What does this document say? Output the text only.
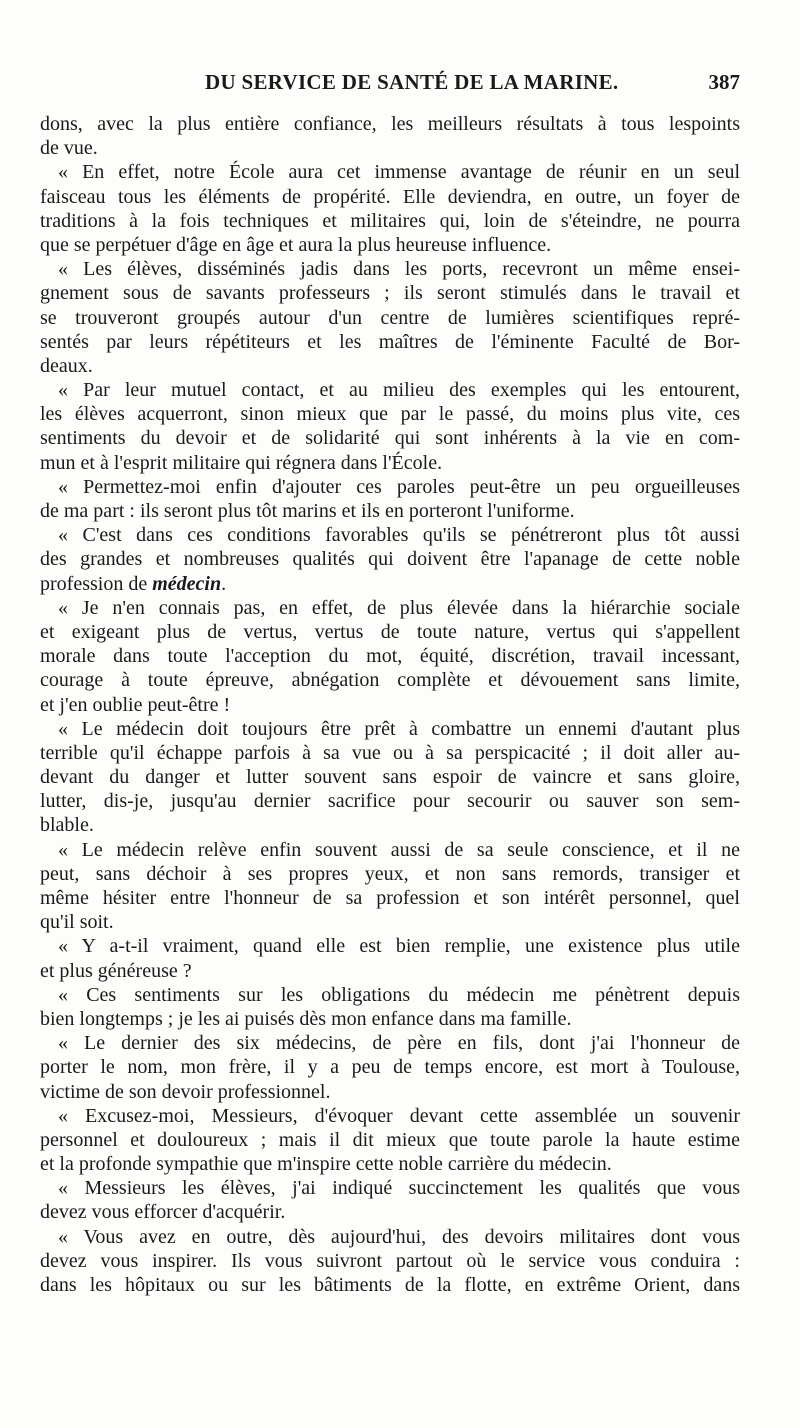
DU SERVICE DE SANTÉ DE LA MARINE.	387
dons, avec la plus entière confiance, les meilleurs résultats à tous lespoints
de vue.
« En effet, notre École aura cet immense avantage de réunir en un seul
faisceau tous les éléments de propérité. Elle deviendra, en outre, un foyer de
traditions à la fois techniques et militaires qui, loin de s'éteindre, ne pourra
que se perpétuer d'âge en âge et aura la plus heureuse influence.
« Les élèves, disséminés jadis dans les ports, recevront un même ensei-
gnement sous de savants professeurs ; ils seront stimulés dans le travail et
se trouveront groupés autour d'un centre de lumières scientifiques repré-
sentés par leurs répétiteurs et les maîtres de l'éminente Faculté de Bor-
deaux.
« Par leur mutuel contact, et au milieu des exemples qui les entourent,
les élèves acquerront, sinon mieux que par le passé, du moins plus vite, ces
sentiments du devoir et de solidarité qui sont inhérents à la vie en com-
mun et à l'esprit militaire qui régnera dans l'École.
« Permettez-moi enfin d'ajouter ces paroles peut-être un peu orgueilleuses
de ma part : ils seront plus tôt marins et ils en porteront l'uniforme.
« C'est dans ces conditions favorables qu'ils se pénétreront plus tôt aussi
des grandes et nombreuses qualités qui doivent être l'apanage de cette noble
profession de médecin.
« Je n'en connais pas, en effet, de plus élevée dans la hiérarchie sociale
et exigeant plus de vertus, vertus de toute nature, vertus qui s'appellent
morale dans toute l'acception du mot, équité, discrétion, travail incessant,
courage à toute épreuve, abnégation complète et dévouement sans limite,
et j'en oublie peut-être !
« Le médecin doit toujours être prêt à combattre un ennemi d'autant plus
terrible qu'il échappe parfois à sa vue ou à sa perspicacité ; il doit aller au-
devant du danger et lutter souvent sans espoir de vaincre et sans gloire,
lutter, dis-je, jusqu'au dernier sacrifice pour secourir ou sauver son sem-
blable.
« Le médecin relève enfin souvent aussi de sa seule conscience, et il ne
peut, sans déchoir à ses propres yeux, et non sans remords, transiger et
même hésiter entre l'honneur de sa profession et son intérêt personnel, quel
qu'il soit.
« Y a-t-il vraiment, quand elle est bien remplie, une existence plus utile
et plus généreuse ?
« Ces sentiments sur les obligations du médecin me pénètrent depuis
bien longtemps ; je les ai puisés dès mon enfance dans ma famille.
« Le dernier des six médecins, de père en fils, dont j'ai l'honneur de
porter le nom, mon frère, il y a peu de temps encore, est mort à Toulouse,
victime de son devoir professionnel.
« Excusez-moi, Messieurs, d'évoquer devant cette assemblée un souvenir
personnel et douloureux ; mais il dit mieux que toute parole la haute estime
et la profonde sympathie que m'inspire cette noble carrière du médecin.
« Messieurs les élèves, j'ai indiqué succinctement les qualités que vous
devez vous efforcer d'acquérir.
« Vous avez en outre, dès aujourd'hui, des devoirs militaires dont vous
devez vous inspirer. Ils vous suivront partout où le service vous conduira :
dans les hôpitaux ou sur les bâtiments de la flotte, en extrême Orient, dans
